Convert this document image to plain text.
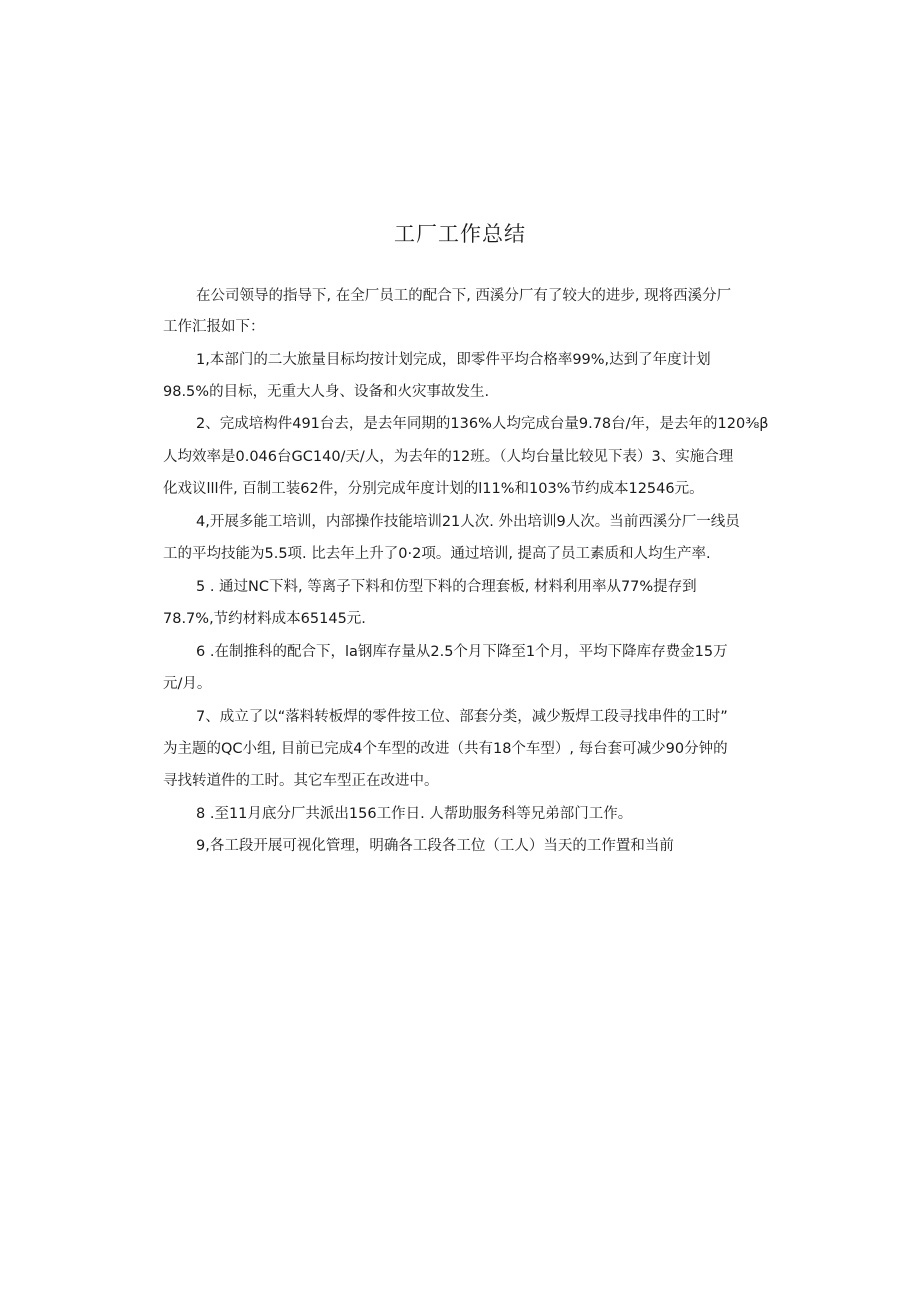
工厂工作总结
在公司领导的指导下, 在全厂员工的配合下, 西溪分厂有了较大的进步, 现将西溪分厂
工作汇报如下：
1,本部门的二大旅量目标均按计划完成，即零件平均合格率99%,达到了年度计划
98.5%的目标，无重大人身、设备和火灾事故发生.
2、完成培构件491台去，是去年同期的136%人均完成台量9.78台/年，是去年的120⅜β
人均效率是0.046台GC140/天/人，为去年的12班。（人均台量比较见下表）3、实施合理
化戏议lll件, 百制工装62件，分别完成年度计划的l11%和103%节约成本12546元。
4,开展多能工培训，内部操作技能培训21人次. 外出培训9人次。当前西溪分厂一线员
工的平均技能为5.5项. 比去年上升了0·2项。通过培训, 提高了员工素质和人均生产率.
5 . 通过NC下料, 等离子下料和仿型下料的合理套板, 材料利用率从77%提存到
78.7%,节约材料成本65145元.
6 .在制推科的配合下，la钢库存量从2.5个月下降至1个月，平均下降库存费金15万
元/月。
7、成立了以“落料转板焊的零件按工位、部套分类，减少叛焊工段寻找串件的工时”
为主题的QC小组, 目前已完成4个车型的改进（共有18个车型）, 每台套可减少90分钟的
寻找转道件的工时。其它车型正在改进中。
8 .至11月底分厂共派出156工作日. 人帮助服务科等兄弟部门工作。
9,各工段开展可视化管理，明确各工段各工位（工人）当天的工作置和当前
